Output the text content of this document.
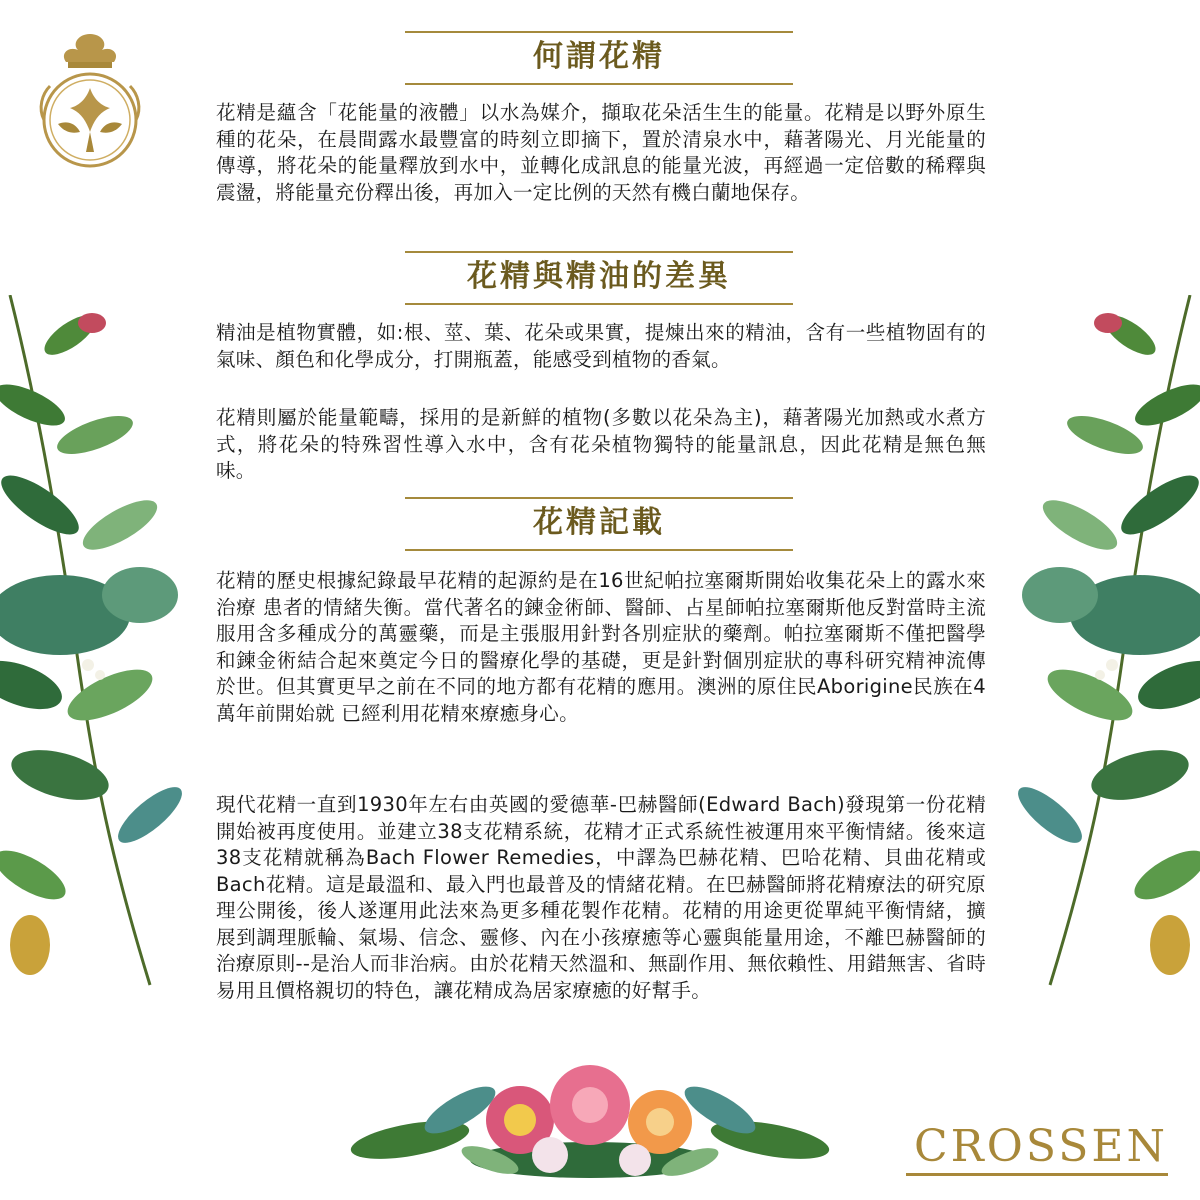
何謂花精

花精是蘊含「花能量的液體」以水為媒介，擷取花朵活生生的能量。花精是以野外原生種的花朵，在晨間露水最豐富的時刻立即摘下，置於清泉水中，藉著陽光、月光能量的傳導，將花朵的能量釋放到水中，並轉化成訊息的能量光波，再經過一定倍數的稀釋與震盪，將能量充份釋出後，再加入一定比例的天然有機白蘭地保存。

花精與精油的差異

精油是植物實體，如:根、莖、葉、花朵或果實，提煉出來的精油，含有一些植物固有的氣味、顏色和化學成分，打開瓶蓋，能感受到植物的香氣。

花精則屬於能量範疇，採用的是新鮮的植物(多數以花朵為主)，藉著陽光加熱或水煮方式，將花朵的特殊習性導入水中，含有花朵植物獨特的能量訊息，因此花精是無色無味。

花精記載

花精的歷史根據紀錄最早花精的起源約是在16世紀帕拉塞爾斯開始收集花朵上的露水來治療 患者的情緒失衡。當代著名的鍊金術師、醫師、占星師帕拉塞爾斯他反對當時主流服用含多種成分的萬靈藥，而是主張服用針對各別症狀的藥劑。帕拉塞爾斯不僅把醫學和鍊金術結合起來奠定今日的醫療化學的基礎，更是針對個別症狀的專科研究精神流傳於世。但其實更早之前在不同的地方都有花精的應用。澳洲的原住民Aborigine民族在4萬年前開始就 已經利用花精來療癒身心。

現代花精一直到1930年左右由英國的愛德華-巴赫醫師(Edward Bach)發現第一份花精開始被再度使用。並建立38支花精系統，花精才正式系統性被運用來平衡情緒。後來這38支花精就稱為Bach Flower Remedies，中譯為巴赫花精、巴哈花精、貝曲花精或Bach花精。這是最溫和、最入門也最普及的情緒花精。在巴赫醫師將花精療法的研究原理公開後，後人遂運用此法來為更多種花製作花精。花精的用途更從單純平衡情緒，擴展到調理脈輪、氣場、信念、靈修、內在小孩療癒等心靈與能量用途，不離巴赫醫師的治療原則--是治人而非治病。由於花精天然溫和、無副作用、無依賴性、用錯無害、省時易用且價格親切的特色，讓花精成為居家療癒的好幫手。

CROSSEN
